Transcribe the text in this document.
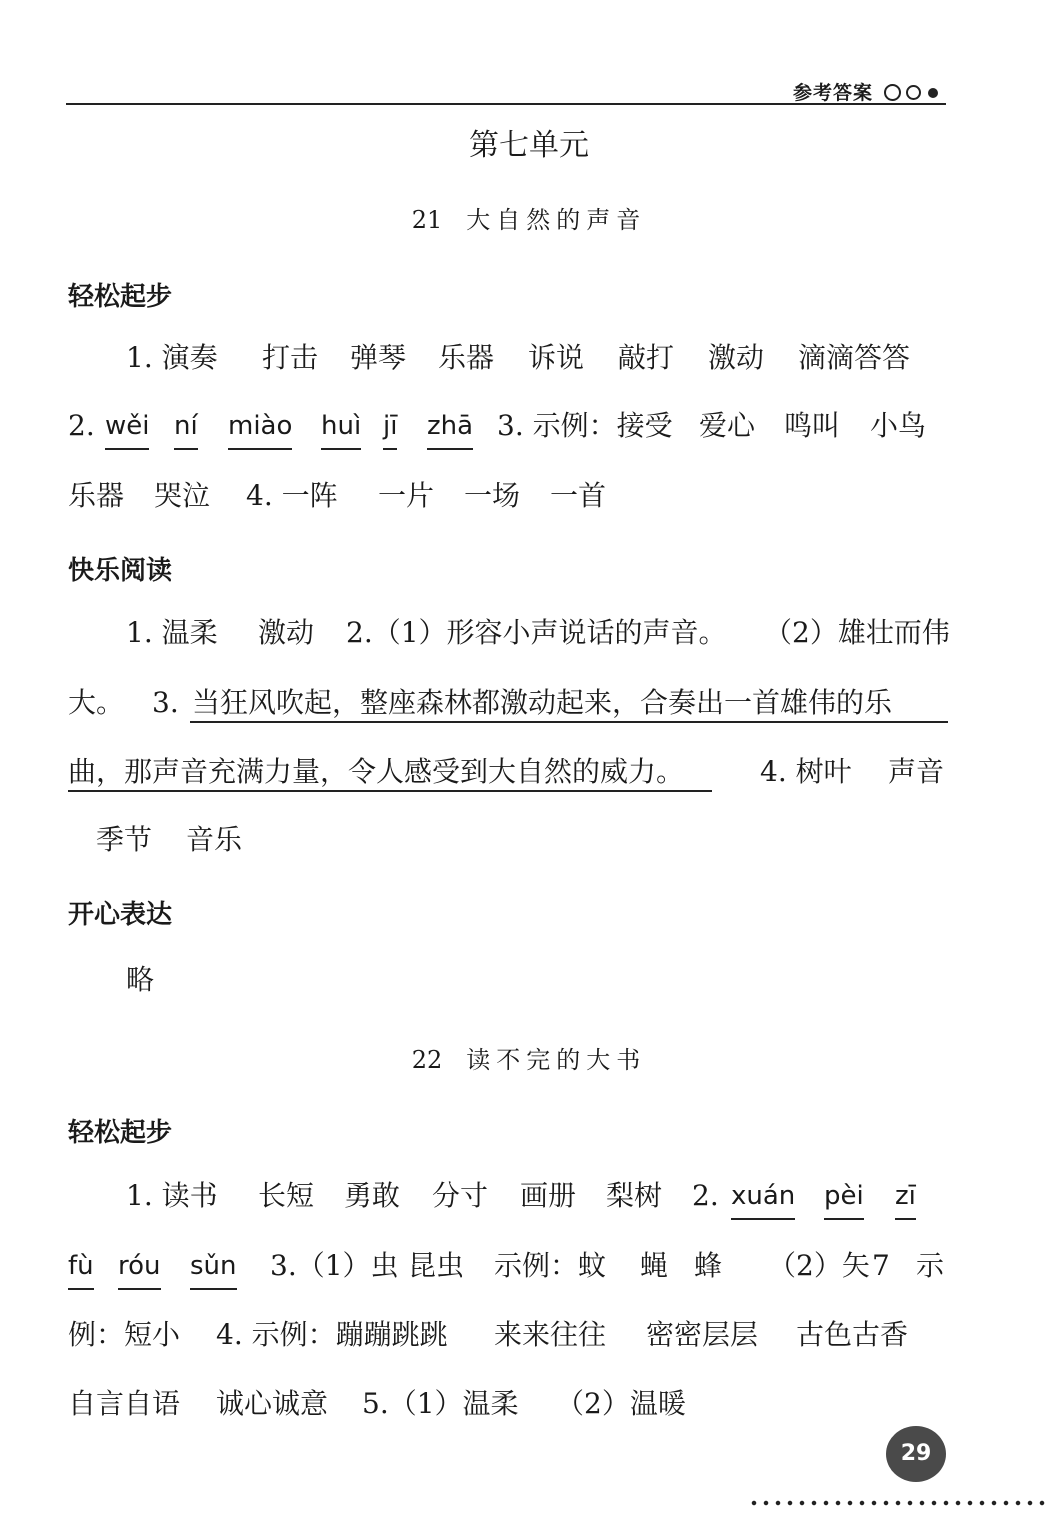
参考答案
第七单元
21 大自然的声音
轻松起步
1. 演奏 打击 弹琴 乐器 诉说 敲打 激动 滴滴答答
2. wěi ní miào huì jī zhā 3. 示例：接受 爱心 鸣叫 小鸟
乐器 哭泣 4. 一阵 一片 一场 一首
快乐阅读
1. 温柔 激动 2.（1）形容小声说话的声音。 （2）雄壮而伟
大。 3. 当狂风吹起，整座森林都激动起来，合奏出一首雄伟的乐
曲，那声音充满力量，令人感受到大自然的威力。	4. 树叶 声音
季节 音乐
开心表达
略
22 读不完的大书
轻松起步
1. 读书 长短 勇敢 分寸 画册 梨树 2. xuán pèi zī
fù róu sǔn 3.（1）虫 昆虫 示例：蚊 蝇 蜂 （2）矢 7 示
例：短小 4. 示例：蹦蹦跳跳 来来往往 密密层层 古色古香
自言自语 诚心诚意 5.（1）温柔 （2）温暖
29
